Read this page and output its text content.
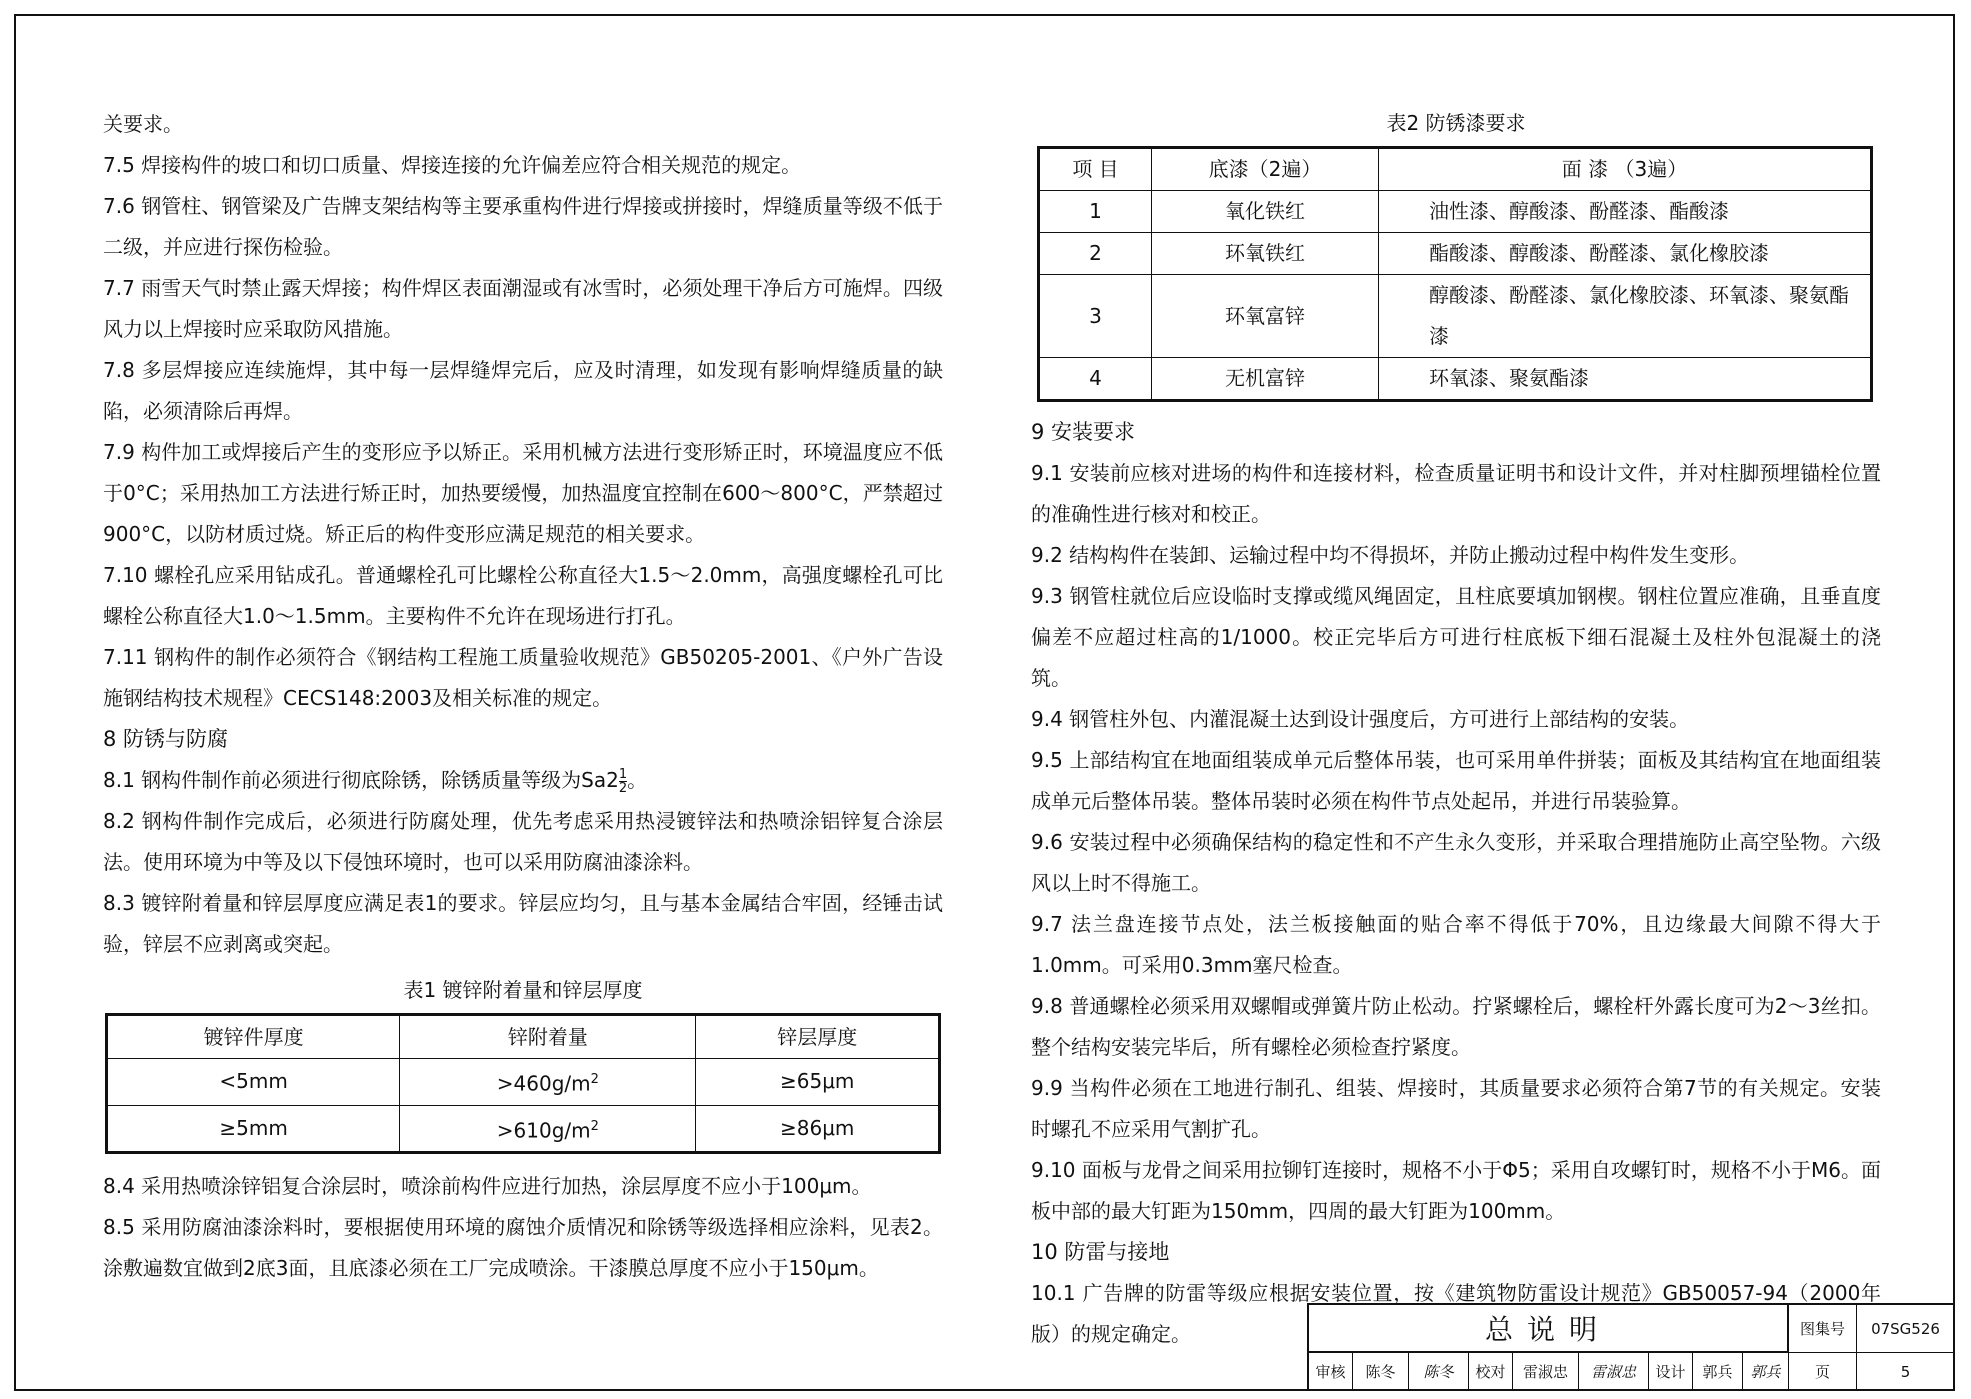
关要求。

7.5 焊接构件的坡口和切口质量、焊接连接的允许偏差应符合相关规范的规定。

7.6 钢管柱、钢管梁及广告牌支架结构等主要承重构件进行焊接或拼接时，焊缝质量等级不低于二级，并应进行探伤检验。

7.7 雨雪天气时禁止露天焊接；构件焊区表面潮湿或有冰雪时，必须处理干净后方可施焊。四级风力以上焊接时应采取防风措施。

7.8 多层焊接应连续施焊，其中每一层焊缝焊完后，应及时清理，如发现有影响焊缝质量的缺陷，必须清除后再焊。

7.9 构件加工或焊接后产生的变形应予以矫正。采用机械方法进行变形矫正时，环境温度应不低于0°C；采用热加工方法进行矫正时，加热要缓慢，加热温度宜控制在600～800°C，严禁超过900°C，以防材质过烧。矫正后的构件变形应满足规范的相关要求。

7.10 螺栓孔应采用钻成孔。普通螺栓孔可比螺栓公称直径大1.5～2.0mm，高强度螺栓孔可比螺栓公称直径大1.0～1.5mm。主要构件不允许在现场进行打孔。

7.11 钢构件的制作必须符合《钢结构工程施工质量验收规范》GB50205-2001、《户外广告设施钢结构技术规程》CECS148:2003及相关标准的规定。

8 防锈与防腐

8.1 钢构件制作前必须进行彻底除锈，除锈质量等级为$Sa2 \frac{1}{2}$ 。

8.2 钢构件制作完成后，必须进行防腐处理，优先考虑采用热浸镀锌法和热喷涂铝锌复合涂层法。使用环境为中等及以下侵蚀环境时，也可以采用防腐油漆涂料。

8.3 镀锌附着量和锌层厚度应满足表1的要求。锌层应均匀，且与基本金属结合牢固，经锤击试验，锌层不应剥离或突起。

表1 镀锌附着量和锌层厚度
镀锌件厚度	锌附着量	锌层厚度
<5mm	$>460g/m^2$	≥65μm
≥5mm	$>610g/m^2$	≥86μm

8.4 采用热喷涂锌铝复合涂层时，喷涂前构件应进行加热，涂层厚度不应小于100μm。

8.5 采用防腐油漆涂料时，要根据使用环境的腐蚀介质情况和除锈等级选择相应涂料，见表2。涂敷遍数宜做到2底3面，且底漆必须在工厂完成喷涂。干漆膜总厚度不应小于150μm。

表2 防锈漆要求
项 目	底漆（2遍）	面 漆 （3遍）
1	氧化铁红	油性漆、醇酸漆、酚醛漆、酯酸漆
2	环氧铁红	酯酸漆、醇酸漆、酚醛漆、氯化橡胶漆
3	环氧富锌	醇酸漆、酚醛漆、氯化橡胶漆、环氧漆、聚氨酯漆
4	无机富锌	环氧漆、聚氨酯漆

9 安装要求

9.1 安装前应核对进场的构件和连接材料，检查质量证明书和设计文件，并对柱脚预埋锚栓位置的准确性进行核对和校正。

9.2 结构构件在装卸、运输过程中均不得损坏，并防止搬动过程中构件发生变形。

9.3 钢管柱就位后应设临时支撑或缆风绳固定，且柱底要填加钢楔。钢柱位置应准确，且垂直度偏差不应超过柱高的1/1000。校正完毕后方可进行柱底板下细石混凝土及柱外包混凝土的浇筑。

9.4 钢管柱外包、内灌混凝土达到设计强度后，方可进行上部结构的安装。

9.5 上部结构宜在地面组装成单元后整体吊装，也可采用单件拼装；面板及其结构宜在地面组装成单元后整体吊装。整体吊装时必须在构件节点处起吊，并进行吊装验算。

9.6 安装过程中必须确保结构的稳定性和不产生永久变形，并采取合理措施防止高空坠物。六级风以上时不得施工。

9.7 法兰盘连接节点处，法兰板接触面的贴合率不得低于70%，且边缘最大间隙不得大于1.0mm。可采用0.3mm塞尺检查。

9.8 普通螺栓必须采用双螺帽或弹簧片防止松动。拧紧螺栓后，螺栓杆外露长度可为2～3丝扣。整个结构安装完毕后，所有螺栓必须检查拧紧度。

9.9 当构件必须在工地进行制孔、组装、焊接时，其质量要求必须符合第7节的有关规定。安装时螺孔不应采用气割扩孔。

9.10 面板与龙骨之间采用拉铆钉连接时，规格不小于Φ5；采用自攻螺钉时，规格不小于M6。面板中部的最大钉距为150mm，四周的最大钉距为100mm。

10 防雷与接地

10.1 广告牌的防雷等级应根据安装位置，按《建筑物防雷设计规范》GB50057-94（2000年版）的规定确定。	总说明	图集号	07SG526
审核	陈冬	陈冬	校对	雷淑忠	雷淑忠	设计	郭兵	郭兵	页	5
